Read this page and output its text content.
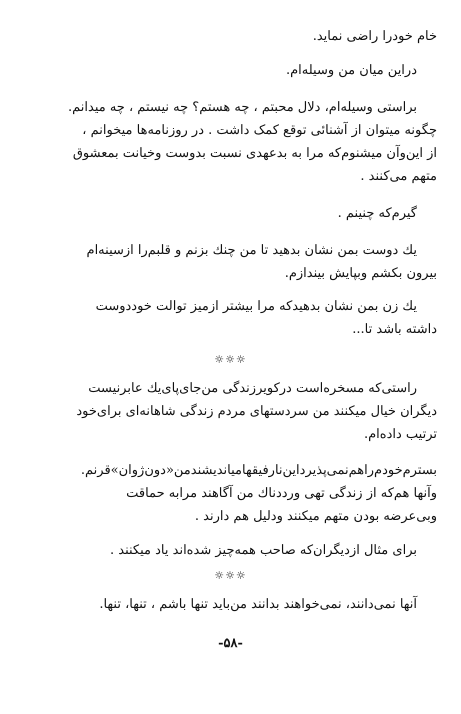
خام خودرا راضی نماید.
دراین میان من وسیله‌ام.
براستی وسیله‌ام، دلال محبتم ، چه هستم؟ چه نیستم ، چه میدانم.
چگونه میتوان از آشنائی توقع کمک داشت . در روزنامه‌ها میخوانم ،
از این‌وآن میشنوم‌که مرا به بدعهدی نسبت بدوست وخیانت بمعشوق
متهم می‌کنند .
گیرم‌که چنینم .
یك دوست بمن نشان بدهید تا من چنك بزنم و قلبم‌را ازسینه‌ام
بیرون بکشم وبپایش بیندازم.
یك زن بمن نشان بدهیدکه مرا بیشتر ازمیز توالت خوددوست
داشته باشد تا...
☼☼☼
راستی‌که مسخره‌است درکویرزندگی من‌جای‌پای‌یك عابرنیست
دیگران خیال میکنند من سردستهای مردم زندگی شاهانه‌ای برای‌خود
ترتیب داده‌ام.
بسترم‌خودم‌راهم‌نمی‌پذیرد‌این‌نارفیقها‌میاندیشندمن«دون‌ژوان»قرنم.
وآنها هم‌که از زندگی تهی ورددناك من آگاهند مرابه حماقت
وبی‌عرضه بودن متهم میکنند ودلیل هم دارند .
برای مثال ازدیگران‌که صاحب همه‌چیز شده‌اند یاد میکنند .
☼☼☼
آنها نمی‌دانند، نمی‌خواهند بدانند من‌باید تنها باشم ، تنها، تنها.
-۵۸-
